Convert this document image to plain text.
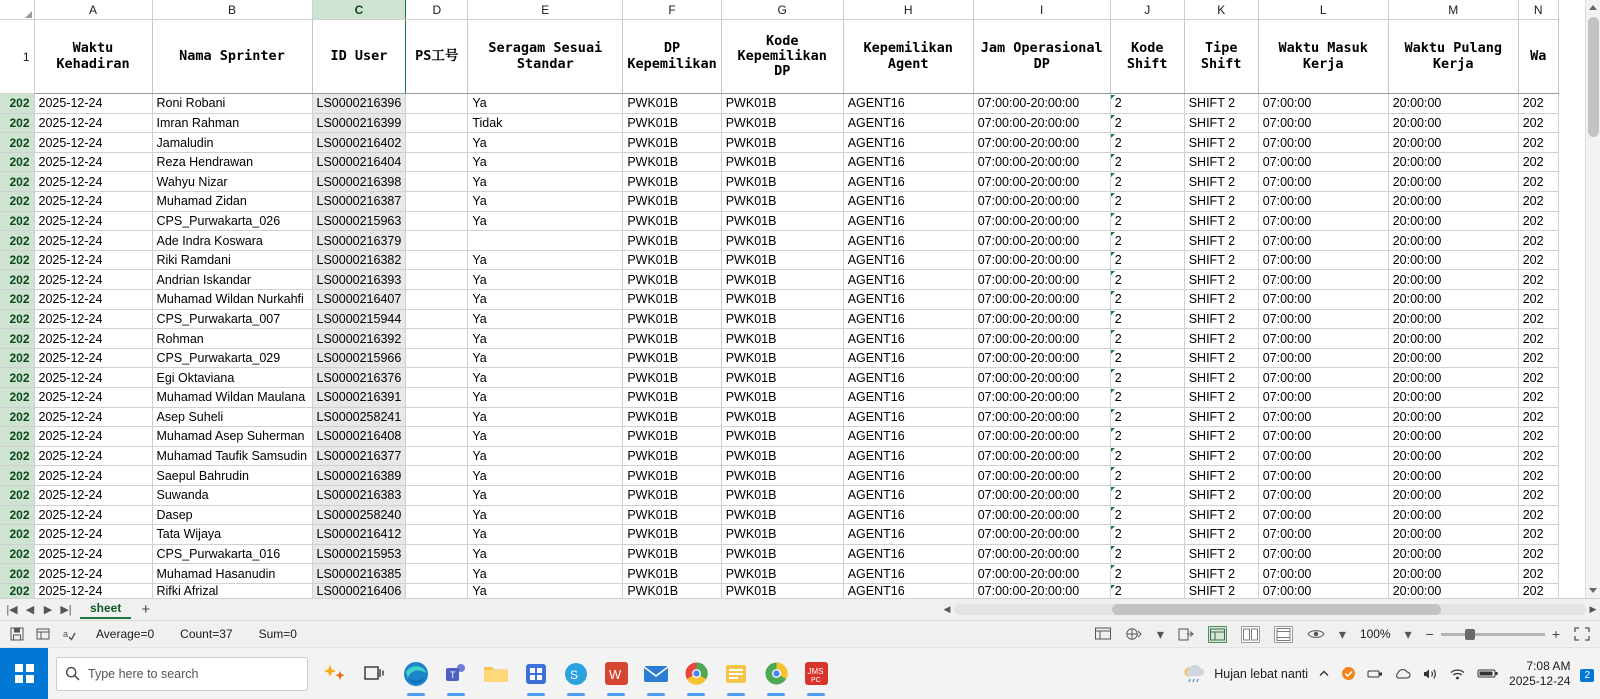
	A	B	C	D	E	F	G	H	I	J	K	L	M	N
1	Waktu Kehadiran	Nama Sprinter	ID User	PS工号	Seragam Sesuai Standar	DP Kepemilikan	Kode Kepemilikan DP	Kepemilikan Agent	Jam Operasional DP	Kode Shift	Tipe Shift	Waktu Masuk Kerja	Waktu Pulang Kerja	Wa
202	2025-12-24	Roni Robani	LS0000216396		Ya	PWK01B	PWK01B	AGENT16	07:00:00-20:00:00	2	SHIFT 2	07:00:00	20:00:00	202
202	2025-12-24	Imran Rahman	LS0000216399		Tidak	PWK01B	PWK01B	AGENT16	07:00:00-20:00:00	2	SHIFT 2	07:00:00	20:00:00	202
202	2025-12-24	Jamaludin	LS0000216402		Ya	PWK01B	PWK01B	AGENT16	07:00:00-20:00:00	2	SHIFT 2	07:00:00	20:00:00	202
202	2025-12-24	Reza Hendrawan	LS0000216404		Ya	PWK01B	PWK01B	AGENT16	07:00:00-20:00:00	2	SHIFT 2	07:00:00	20:00:00	202
202	2025-12-24	Wahyu Nizar	LS0000216398		Ya	PWK01B	PWK01B	AGENT16	07:00:00-20:00:00	2	SHIFT 2	07:00:00	20:00:00	202
202	2025-12-24	Muhamad Zidan	LS0000216387		Ya	PWK01B	PWK01B	AGENT16	07:00:00-20:00:00	2	SHIFT 2	07:00:00	20:00:00	202
202	2025-12-24	CPS_Purwakarta_026	LS0000215963		Ya	PWK01B	PWK01B	AGENT16	07:00:00-20:00:00	2	SHIFT 2	07:00:00	20:00:00	202
202	2025-12-24	Ade Indra Koswara	LS0000216379			PWK01B	PWK01B	AGENT16	07:00:00-20:00:00	2	SHIFT 2	07:00:00	20:00:00	202
202	2025-12-24	Riki Ramdani	LS0000216382		Ya	PWK01B	PWK01B	AGENT16	07:00:00-20:00:00	2	SHIFT 2	07:00:00	20:00:00	202
202	2025-12-24	Andrian Iskandar	LS0000216393		Ya	PWK01B	PWK01B	AGENT16	07:00:00-20:00:00	2	SHIFT 2	07:00:00	20:00:00	202
202	2025-12-24	Muhamad Wildan Nurkahfi	LS0000216407		Ya	PWK01B	PWK01B	AGENT16	07:00:00-20:00:00	2	SHIFT 2	07:00:00	20:00:00	202
202	2025-12-24	CPS_Purwakarta_007	LS0000215944		Ya	PWK01B	PWK01B	AGENT16	07:00:00-20:00:00	2	SHIFT 2	07:00:00	20:00:00	202
202	2025-12-24	Rohman	LS0000216392		Ya	PWK01B	PWK01B	AGENT16	07:00:00-20:00:00	2	SHIFT 2	07:00:00	20:00:00	202
202	2025-12-24	CPS_Purwakarta_029	LS0000215966		Ya	PWK01B	PWK01B	AGENT16	07:00:00-20:00:00	2	SHIFT 2	07:00:00	20:00:00	202
202	2025-12-24	Egi Oktaviana	LS0000216376		Ya	PWK01B	PWK01B	AGENT16	07:00:00-20:00:00	2	SHIFT 2	07:00:00	20:00:00	202
202	2025-12-24	Muhamad Wildan Maulana	LS0000216391		Ya	PWK01B	PWK01B	AGENT16	07:00:00-20:00:00	2	SHIFT 2	07:00:00	20:00:00	202
202	2025-12-24	Asep Suheli	LS0000258241		Ya	PWK01B	PWK01B	AGENT16	07:00:00-20:00:00	2	SHIFT 2	07:00:00	20:00:00	202
202	2025-12-24	Muhamad Asep Suherman	LS0000216408		Ya	PWK01B	PWK01B	AGENT16	07:00:00-20:00:00	2	SHIFT 2	07:00:00	20:00:00	202
202	2025-12-24	Muhamad Taufik Samsudin	LS0000216377		Ya	PWK01B	PWK01B	AGENT16	07:00:00-20:00:00	2	SHIFT 2	07:00:00	20:00:00	202
202	2025-12-24	Saepul Bahrudin	LS0000216389		Ya	PWK01B	PWK01B	AGENT16	07:00:00-20:00:00	2	SHIFT 2	07:00:00	20:00:00	202
202	2025-12-24	Suwanda	LS0000216383		Ya	PWK01B	PWK01B	AGENT16	07:00:00-20:00:00	2	SHIFT 2	07:00:00	20:00:00	202
202	2025-12-24	Dasep	LS0000258240		Ya	PWK01B	PWK01B	AGENT16	07:00:00-20:00:00	2	SHIFT 2	07:00:00	20:00:00	202
202	2025-12-24	Tata Wijaya	LS0000216412		Ya	PWK01B	PWK01B	AGENT16	07:00:00-20:00:00	2	SHIFT 2	07:00:00	20:00:00	202
202	2025-12-24	CPS_Purwakarta_016	LS0000215953		Ya	PWK01B	PWK01B	AGENT16	07:00:00-20:00:00	2	SHIFT 2	07:00:00	20:00:00	202
202	2025-12-24	Muhamad Hasanudin	LS0000216385		Ya	PWK01B	PWK01B	AGENT16	07:00:00-20:00:00	2	SHIFT 2	07:00:00	20:00:00	202
202	2025-12-24	Rifki Afrizal	LS0000216406		Ya	PWK01B	PWK01B	AGENT16	07:00:00-20:00:00	2	SHIFT 2	07:00:00	20:00:00	202
|◀ ◀ ▶ ▶|	sheet	+	◀	▶
a Average=0 Count=37 Sum=0	▾	▾ 100% ▾ −	+
Type here to search	T	S W	JMS
PC	Hujan lebat nanti
7:08 AM
2025-12-24	2
